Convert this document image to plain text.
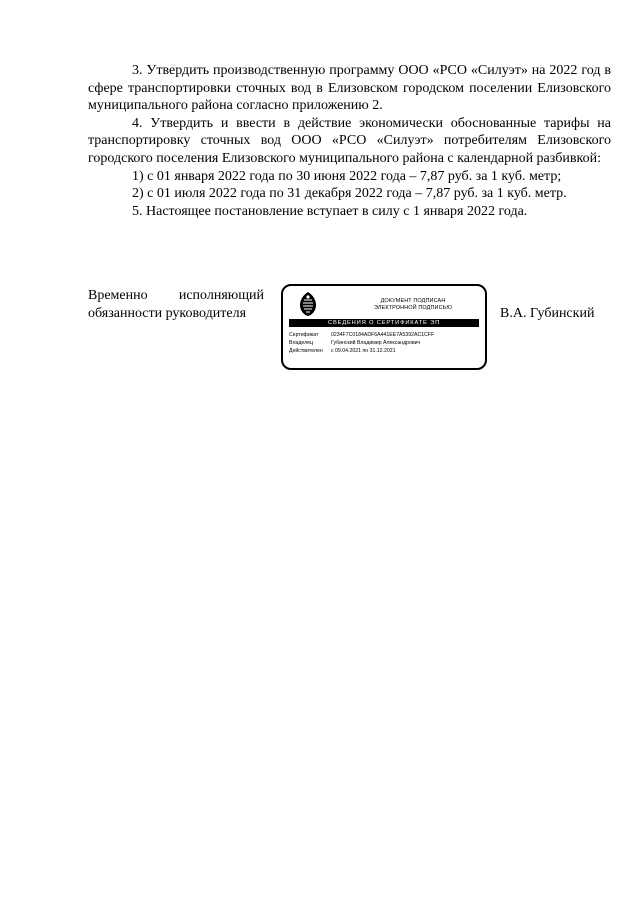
3. Утвердить производственную программу ООО «РСО «Силуэт» на 2022 год в сфере транспортировки сточных вод в Елизовском городском поселении Елизовского муниципального района согласно приложению 2.

4. Утвердить и ввести в действие экономически обоснованные тарифы на транспортировку сточных вод ООО «РСО «Силуэт» потребителям Елизовского городского поселения Елизовского муниципального района с календарной разбивкой:

1) с 01 января 2022 года по 30 июня 2022 года – 7,87 руб. за 1 куб. метр;

2) с 01 июля 2022 года по 31 декабря 2022 года – 7,87 руб. за 1 куб. метр.

5. Настоящее постановление вступает в силу с 1 января 2022 года.

Временно исполняющий
обязанности руководителя
ДОКУМЕНТ ПОДПИСАН
ЭЛЕКТРОННОЙ ПОДПИСЬЮ
СВЕДЕНИЯ О СЕРТИФИКАТЕ ЭП
Сертификат 0234F7C0184ADF6A441EE7A5392AC1CFF
Владелец	Губинский Владимир Александрович
Действителен с 09.04.2021 по 31.12.2021
В.А. Губинский
